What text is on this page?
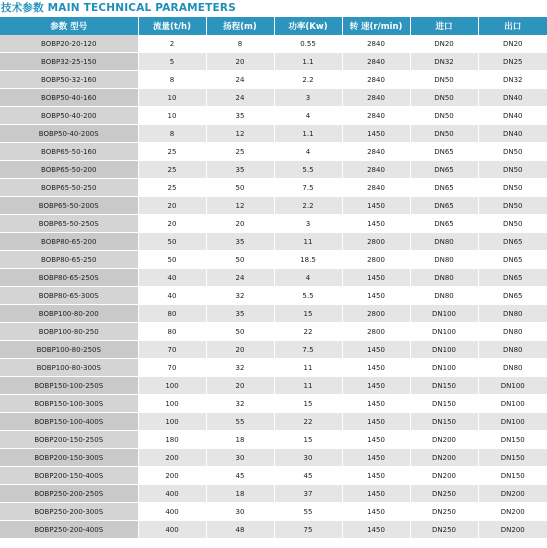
技术参数 MAIN TECHNICAL PARAMETERS
参数 型号	流量(t/h)	扬程(m)	功率(Kw)	转 速(r/min)	进口	出口
BOBP20-20-120	2	8	0.55	2840	DN20	DN20
BOBP32-25-150	5	20	1.1	2840	DN32	DN25
BOBP50-32-160	8	24	2.2	2840	DN50	DN32
BOBP50-40-160	10	24	3	2840	DN50	DN40
BOBP50-40-200	10	35	4	2840	DN50	DN40
BOBP50-40-200S	8	12	1.1	1450	DN50	DN40
BOBP65-50-160	25	25	4	2840	DN65	DN50
BOBP65-50-200	25	35	5.5	2840	DN65	DN50
BOBP65-50-250	25	50	7.5	2840	DN65	DN50
BOBP65-50-200S	20	12	2.2	1450	DN65	DN50
BOBP65-50-250S	20	20	3	1450	DN65	DN50
BOBP80-65-200	50	35	11	2800	DN80	DN65
BOBP80-65-250	50	50	18.5	2800	DN80	DN65
BOBP80-65-250S	40	24	4	1450	DN80	DN65
BOBP80-65-300S	40	32	5.5	1450	DN80	DN65
BOBP100-80-200	80	35	15	2800	DN100	DN80
BOBP100-80-250	80	50	22	2800	DN100	DN80
BOBP100-80-250S	70	20	7.5	1450	DN100	DN80
BOBP100-80-300S	70	32	11	1450	DN100	DN80
BOBP150-100-250S	100	20	11	1450	DN150	DN100
BOBP150-100-300S	100	32	15	1450	DN150	DN100
BOBP150-100-400S	100	55	22	1450	DN150	DN100
BOBP200-150-250S	180	18	15	1450	DN200	DN150
BOBP200-150-300S	200	30	30	1450	DN200	DN150
BOBP200-150-400S	200	45	45	1450	DN200	DN150
BOBP250-200-250S	400	18	37	1450	DN250	DN200
BOBP250-200-300S	400	30	55	1450	DN250	DN200
BOBP250-200-400S	400	48	75	1450	DN250	DN200
